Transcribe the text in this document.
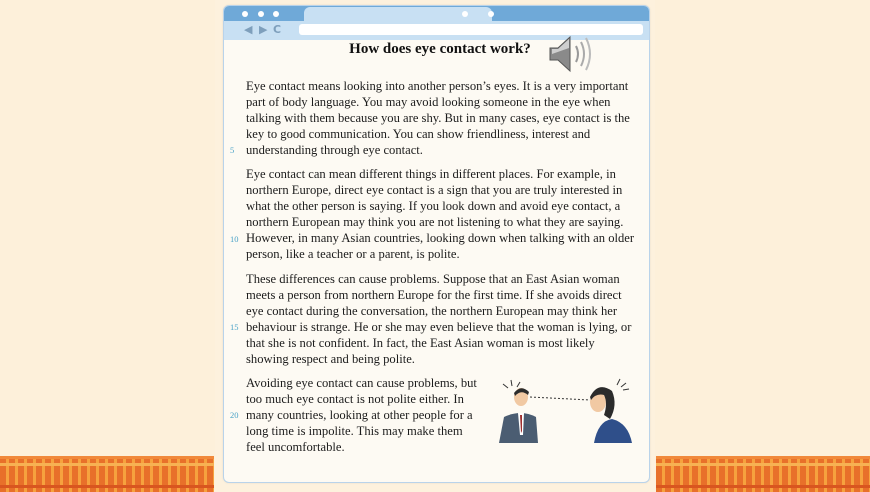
◀ ▶ C
How does eye contact work?
Eye contact means looking into another person’s eyes. It is a very important part of body language. You may avoid looking someone in the eye when talking with them because you are shy. But in many cases, eye contact is the key to good communication. You can show friendliness, interest and understanding through eye contact.
5
Eye contact can mean different things in different places. For example, in northern Europe, direct eye contact is a sign that you are truly interested in what the other person is saying. If you look down and avoid eye contact, a northern European may think you are not listening to what they are saying. However, in many Asian countries, looking down when talking with an older person, like a teacher or a parent, is polite.
10
These differences can cause problems. Suppose that an East Asian woman meets a person from northern Europe for the first time. If she avoids direct eye contact during the conversation, the northern European may think her behaviour is strange. He or she may even believe that the woman is lying, or that she is not confident. In fact, the East Asian woman is most likely showing respect and being polite.
15
Avoiding eye contact can cause problems, but too much eye contact is not polite either. In many countries, looking at other people for a long time is impolite. This may make them feel uncomfortable.
20
